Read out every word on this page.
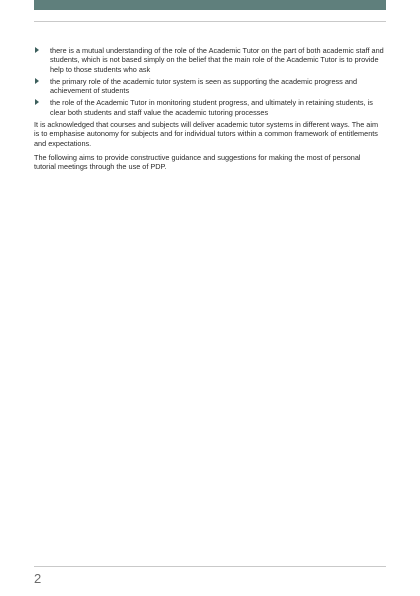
there is a mutual understanding of the role of the Academic Tutor on the part of both academic staff and students, which is not based simply on the belief that the main role of the Academic Tutor is to provide help to those students who ask
the primary role of the academic tutor system is seen as supporting the academic progress and achievement of students
the role of the Academic Tutor in monitoring student progress, and ultimately in retaining students, is clear both students and staff value the academic tutoring processes

It is acknowledged that courses and subjects will deliver academic tutor systems in different ways. The aim is to emphasise autonomy for subjects and for individual tutors within a common framework of entitlements and expectations.

The following aims to provide constructive guidance and suggestions for making the most of personal tutorial meetings through the use of PDP.

2
